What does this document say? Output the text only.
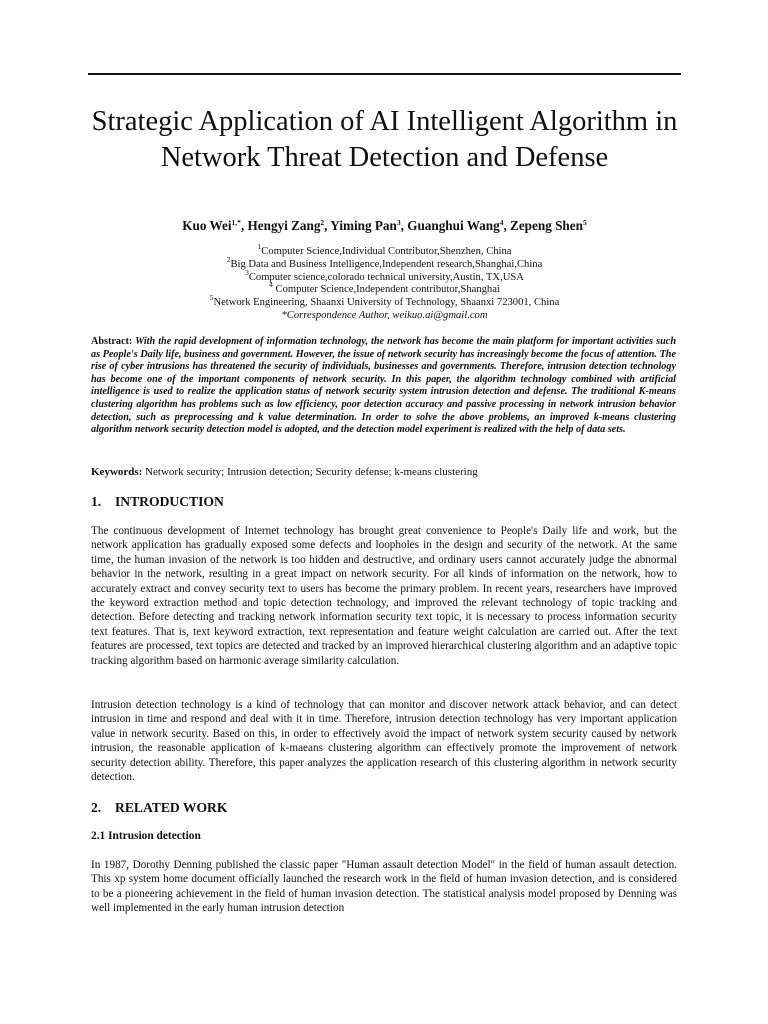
Strategic Application of AI Intelligent Algorithm in Network Threat Detection and Defense
Kuo Wei$^{1,*}$, Hengyi Zang$^2$, Yiming Pan$^3$, Guanghui Wang$^4$, Zepeng Shen$^5$
$^1$Computer Science,Individual Contributor,Shenzhen, China
$^2$Big Data and Business Intelligence,Independent research,Shanghai,China
$^3$Computer science,colorado technical university,Austin, TX,USA
$^4$ Computer Science,Independent contributor,Shanghai
$^5$Network Engineering, Shaanxi University of Technology, Shaanxi 723001, China
*Correspondence Author, weikuo.ai@gmail.com

Abstract: With the rapid development of information technology, the network has become the main platform for important activities such as People's Daily life, business and government. However, the issue of network security has increasingly become the focus of attention. The rise of cyber intrusions has threatened the security of individuals, businesses and governments. Therefore, intrusion detection technology has become one of the important components of network security. In this paper, the algorithm technology combined with artificial intelligence is used to realize the application status of network security system intrusion detection and defense. The traditional K-means clustering algorithm has problems such as low efficiency, poor detection accuracy and passive processing in network intrusion behavior detection, such as preprocessing and k value determination. In order to solve the above problems, an improved k-means clustering algorithm network security detection model is adopted, and the detection model experiment is realized with the help of data sets.

Keywords: Network security; Intrusion detection; Security defense; k-means clustering

1. INTRODUCTION

The continuous development of Internet technology has brought great convenience to People's Daily life and work, but the network application has gradually exposed some defects and loopholes in the design and security of the network. At the same time, the human invasion of the network is too hidden and destructive, and ordinary users cannot accurately judge the abnormal behavior in the network, resulting in a great impact on network security. For all kinds of information on the network, how to accurately extract and convey security text to users has become the primary problem. In recent years, researchers have improved the keyword extraction method and topic detection technology, and improved the relevant technology of topic tracking and detection. Before detecting and tracking network information security text topic, it is necessary to process information security text features. That is, text keyword extraction, text representation and feature weight calculation are carried out. After the text features are processed, text topics are detected and tracked by an improved hierarchical clustering algorithm and an adaptive topic tracking algorithm based on harmonic average similarity calculation.

Intrusion detection technology is a kind of technology that can monitor and discover network attack behavior, and can detect intrusion in time and respond and deal with it in time. Therefore, intrusion detection technology has very important application value in network security. Based on this, in order to effectively avoid the impact of network system security caused by network intrusion, the reasonable application of k-maeans clustering algorithm can effectively promote the improvement of network security detection ability. Therefore, this paper analyzes the application research of this clustering algorithm in network security detection.

2. RELATED WORK
2.1 Intrusion detection

In 1987, Dorothy Denning published the classic paper "Human assault detection Model" in the field of human assault detection. This xp system home document officially launched the research work in the field of human invasion detection, and is considered to be a pioneering achievement in the field of human invasion detection. The statistical analysis model proposed by Denning was well implemented in the early human intrusion detection
